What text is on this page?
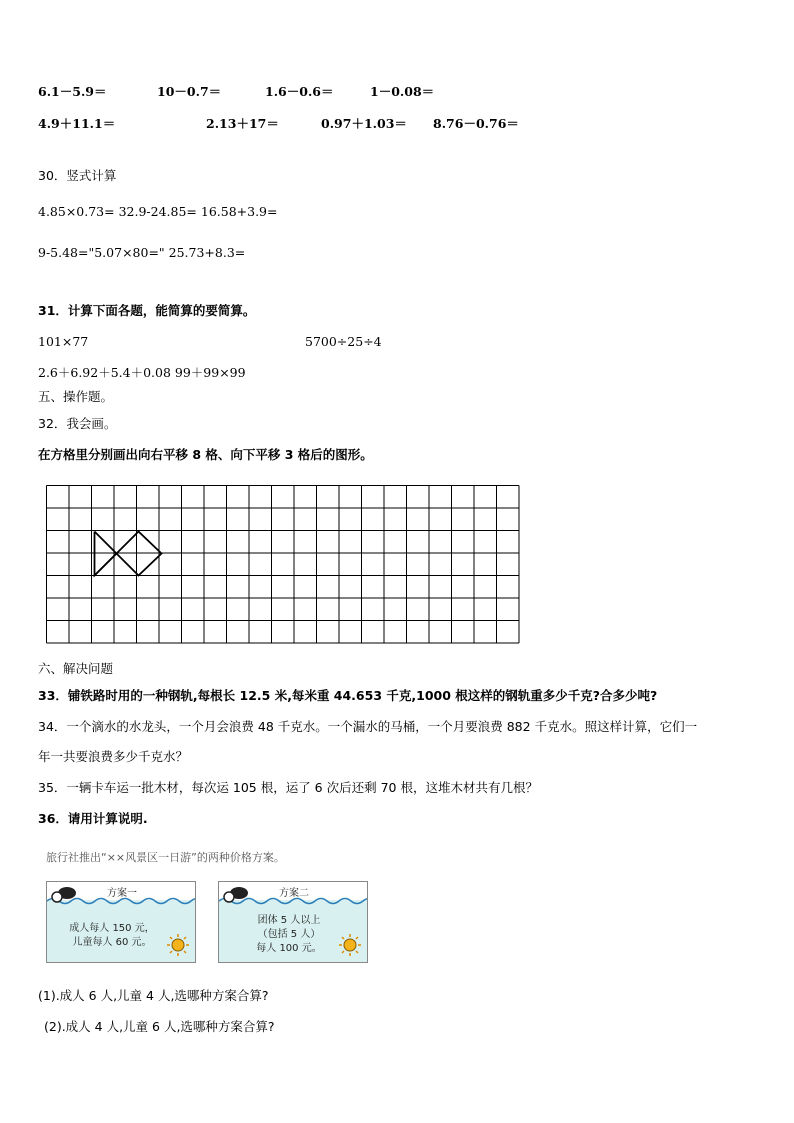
6.1－5.9＝	10－0.7＝	1.6－0.6＝	1－0.08＝
4.9＋11.1＝	2.13＋17＝	0.97＋1.03＝ 8.76－0.76＝
30．竖式计算
4.85×0.73= 32.9-24.85= 16.58+3.9=
9-5.48="5.07×80=" 25.73+8.3=
31．计算下面各题，能简算的要简算。
101×77	5700÷25÷4
2.6＋6.92＋5.4＋0.08 99＋99×99
五、操作题。
32．我会画。
在方格里分别画出向右平移 8 格、向下平移 3 格后的图形。
六、解决问题
33．铺铁路时用的一种钢轨,每根长 12.5 米,每米重 44.653 千克,1000 根这样的钢轨重多少千克?合多少吨?
34．一个滴水的水龙头，一个月会浪费 48 千克水。一个漏水的马桶，一个月要浪费 882 千克水。照这样计算，它们一
年一共要浪费多少千克水？
35．一辆卡车运一批木材，每次运 105 根，运了 6 次后还剩 70 根，这堆木材共有几根？
36．请用计算说明.
旅行社推出“××风景区一日游”的两种价格方案。
方案一
成人每人 150 元，
儿童每人 60 元。
方案二
团体 5 人以上
（包括 5 人）
每人 100 元。
(1).成人 6 人,儿童 4 人,选哪种方案合算?
(2).成人 4 人,儿童 6 人,选哪种方案合算?
